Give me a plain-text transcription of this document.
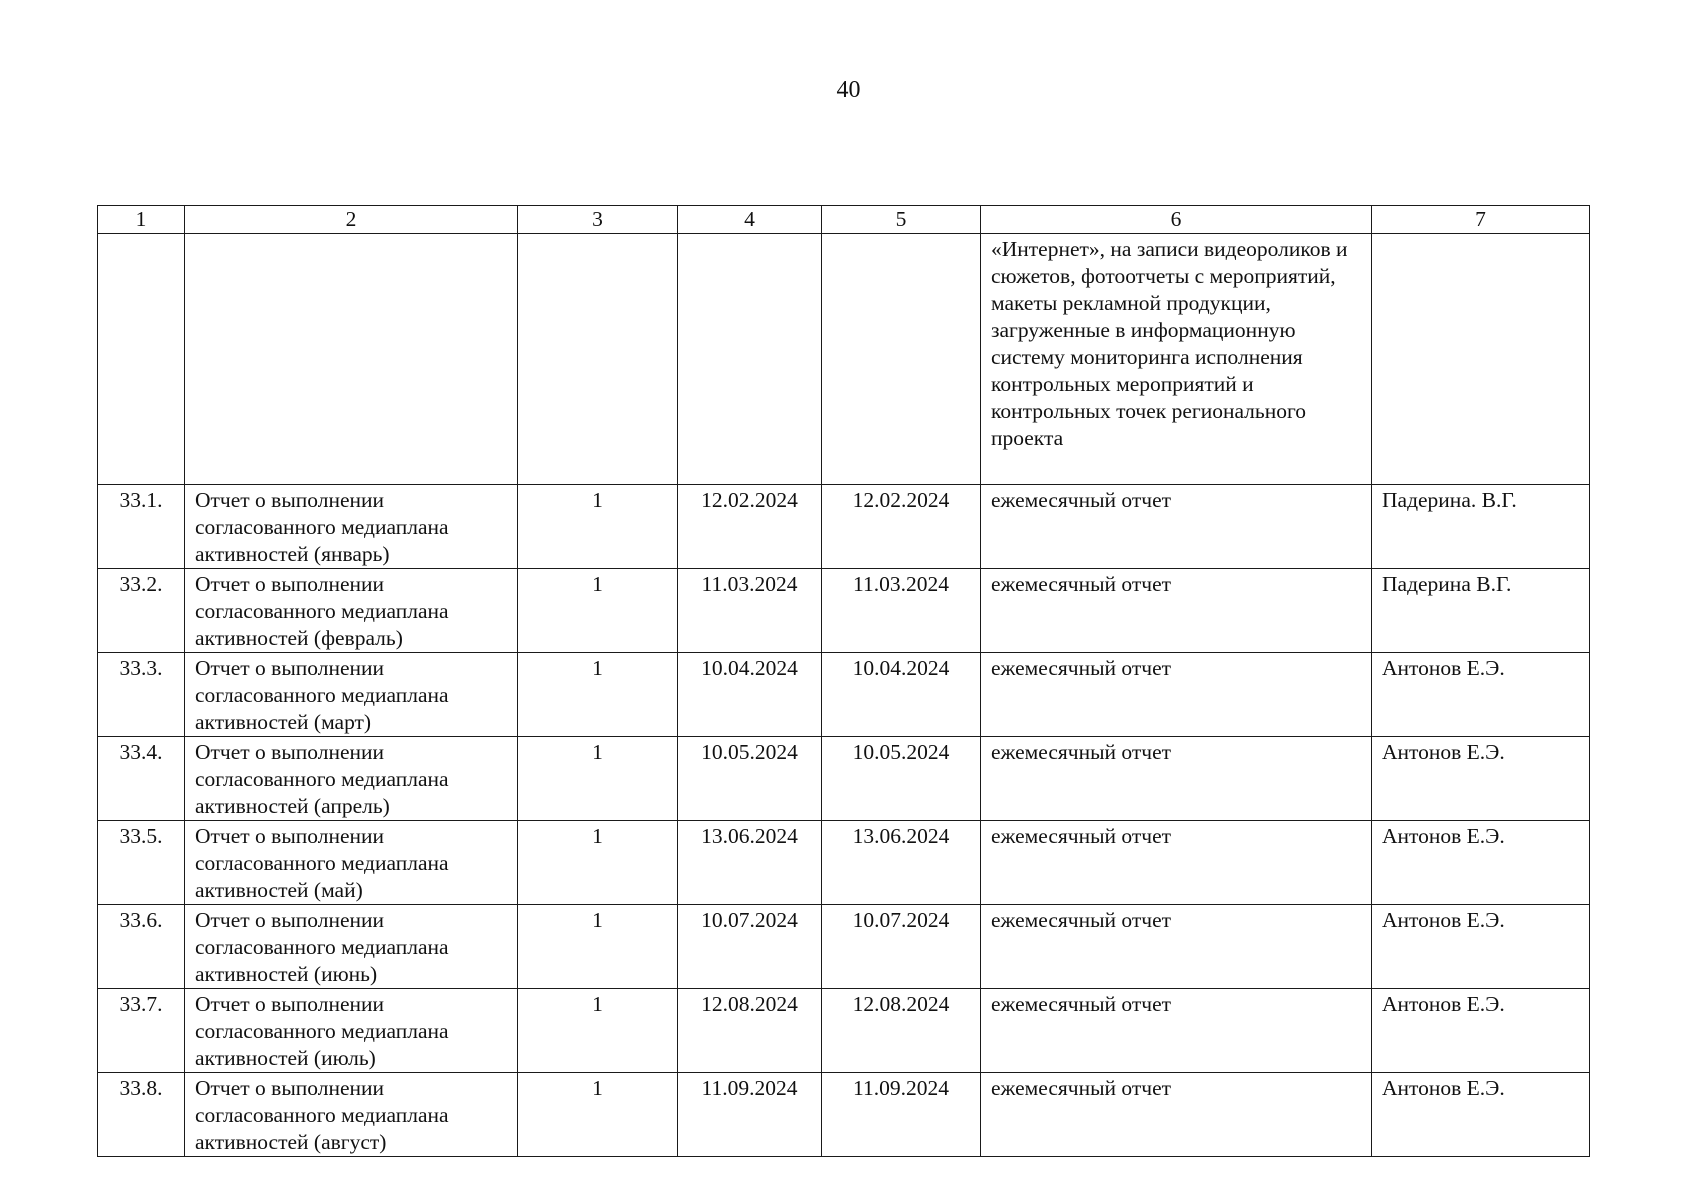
40
1	2	3	4	5	6	7
					«Интернет», на записи видеороликов и сюжетов, фотоотчеты с мероприятий, макеты рекламной продукции, загруженные в информационную систему мониторинга исполнения контрольных мероприятий и контрольных точек регионального проекта	
33.1.	Отчет о выполнении согласованного медиаплана активностей (январь)	1	12.02.2024	12.02.2024	ежемесячный отчет	Падерина. В.Г.
33.2.	Отчет о выполнении согласованного медиаплана активностей (февраль)	1	11.03.2024	11.03.2024	ежемесячный отчет	Падерина В.Г.
33.3.	Отчет о выполнении согласованного медиаплана активностей (март)	1	10.04.2024	10.04.2024	ежемесячный отчет	Антонов Е.Э.
33.4.	Отчет о выполнении согласованного медиаплана активностей (апрель)	1	10.05.2024	10.05.2024	ежемесячный отчет	Антонов Е.Э.
33.5.	Отчет о выполнении согласованного медиаплана активностей (май)	1	13.06.2024	13.06.2024	ежемесячный отчет	Антонов Е.Э.
33.6.	Отчет о выполнении согласованного медиаплана активностей (июнь)	1	10.07.2024	10.07.2024	ежемесячный отчет	Антонов Е.Э.
33.7.	Отчет о выполнении согласованного медиаплана активностей (июль)	1	12.08.2024	12.08.2024	ежемесячный отчет	Антонов Е.Э.
33.8.	Отчет о выполнении согласованного медиаплана активностей (август)	1	11.09.2024	11.09.2024	ежемесячный отчет	Антонов Е.Э.
